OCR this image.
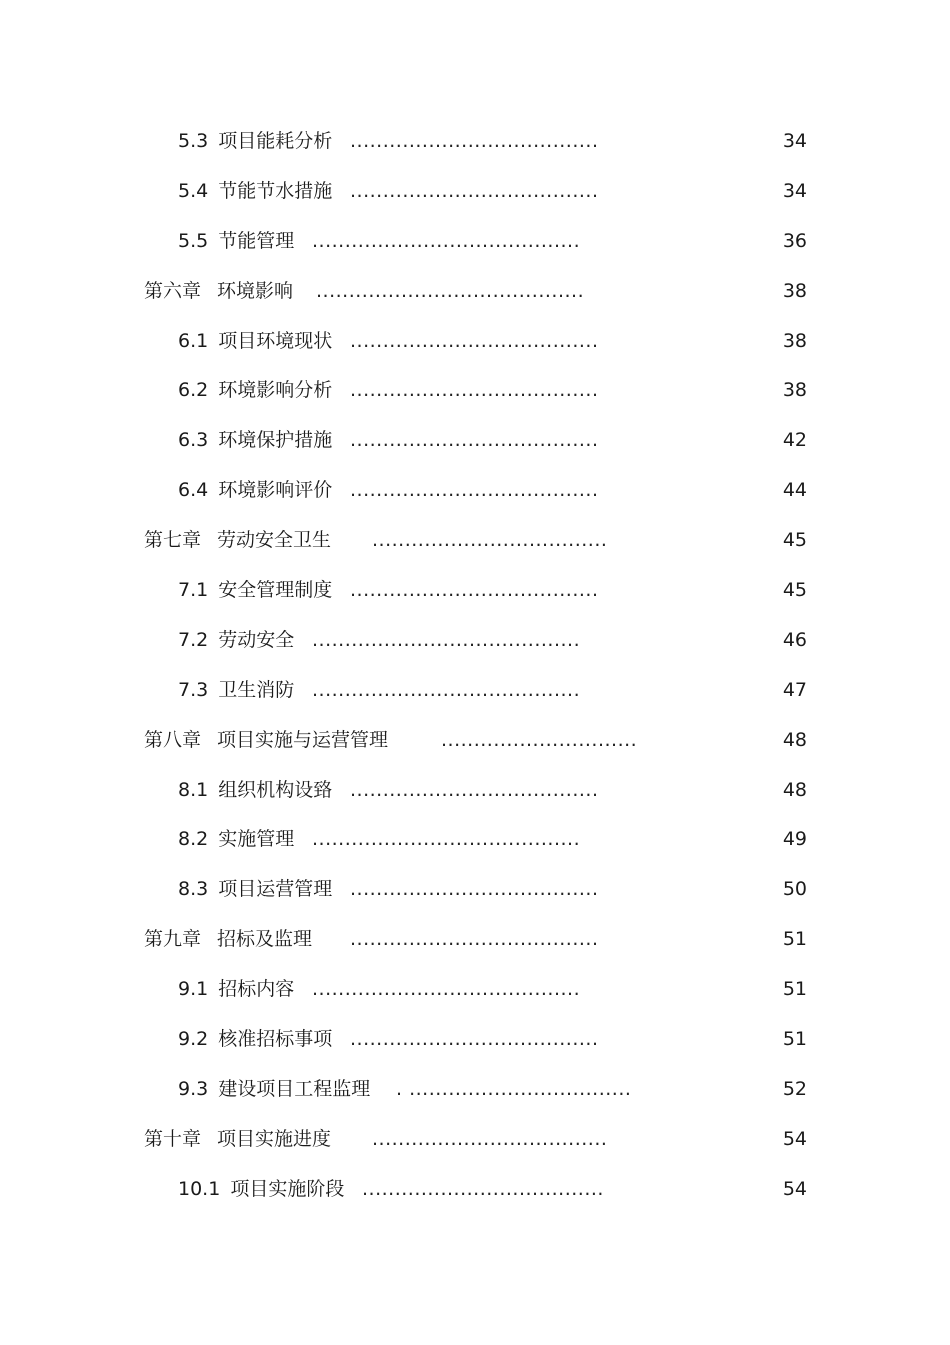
5.3 项目能耗分析 ......................................	34
5.4 节能节水措施 ......................................	34
5.5 节能管理 .........................................	36
第六章 环境影响 .........................................	38
6.1 项目环境现状 ......................................	38
6.2 环境影响分析 ......................................	38
6.3 环境保护措施 ......................................	42
6.4 环境影响评价 ......................................	44
第七章 劳动安全卫生 ....................................	45
7.1 安全管理制度 ......................................	45
7.2 劳动安全 .........................................	46
7.3 卫生消防 .........................................	47
第八章 项目实施与运营管理	..............................	48
8.1 组织机构设臵 ......................................	48
8.2 实施管理 .........................................	49
8.3 项目运营管理 ......................................	50
第九章 招标及监理 ......................................	51
9.1 招标内容 .........................................	51
9.2 核准招标事项 ......................................	51
9.3 建设项目工程监理 . ..................................	52
第十章 项目实施进度 ....................................	54
10.1 项目实施阶段 .....................................	54
